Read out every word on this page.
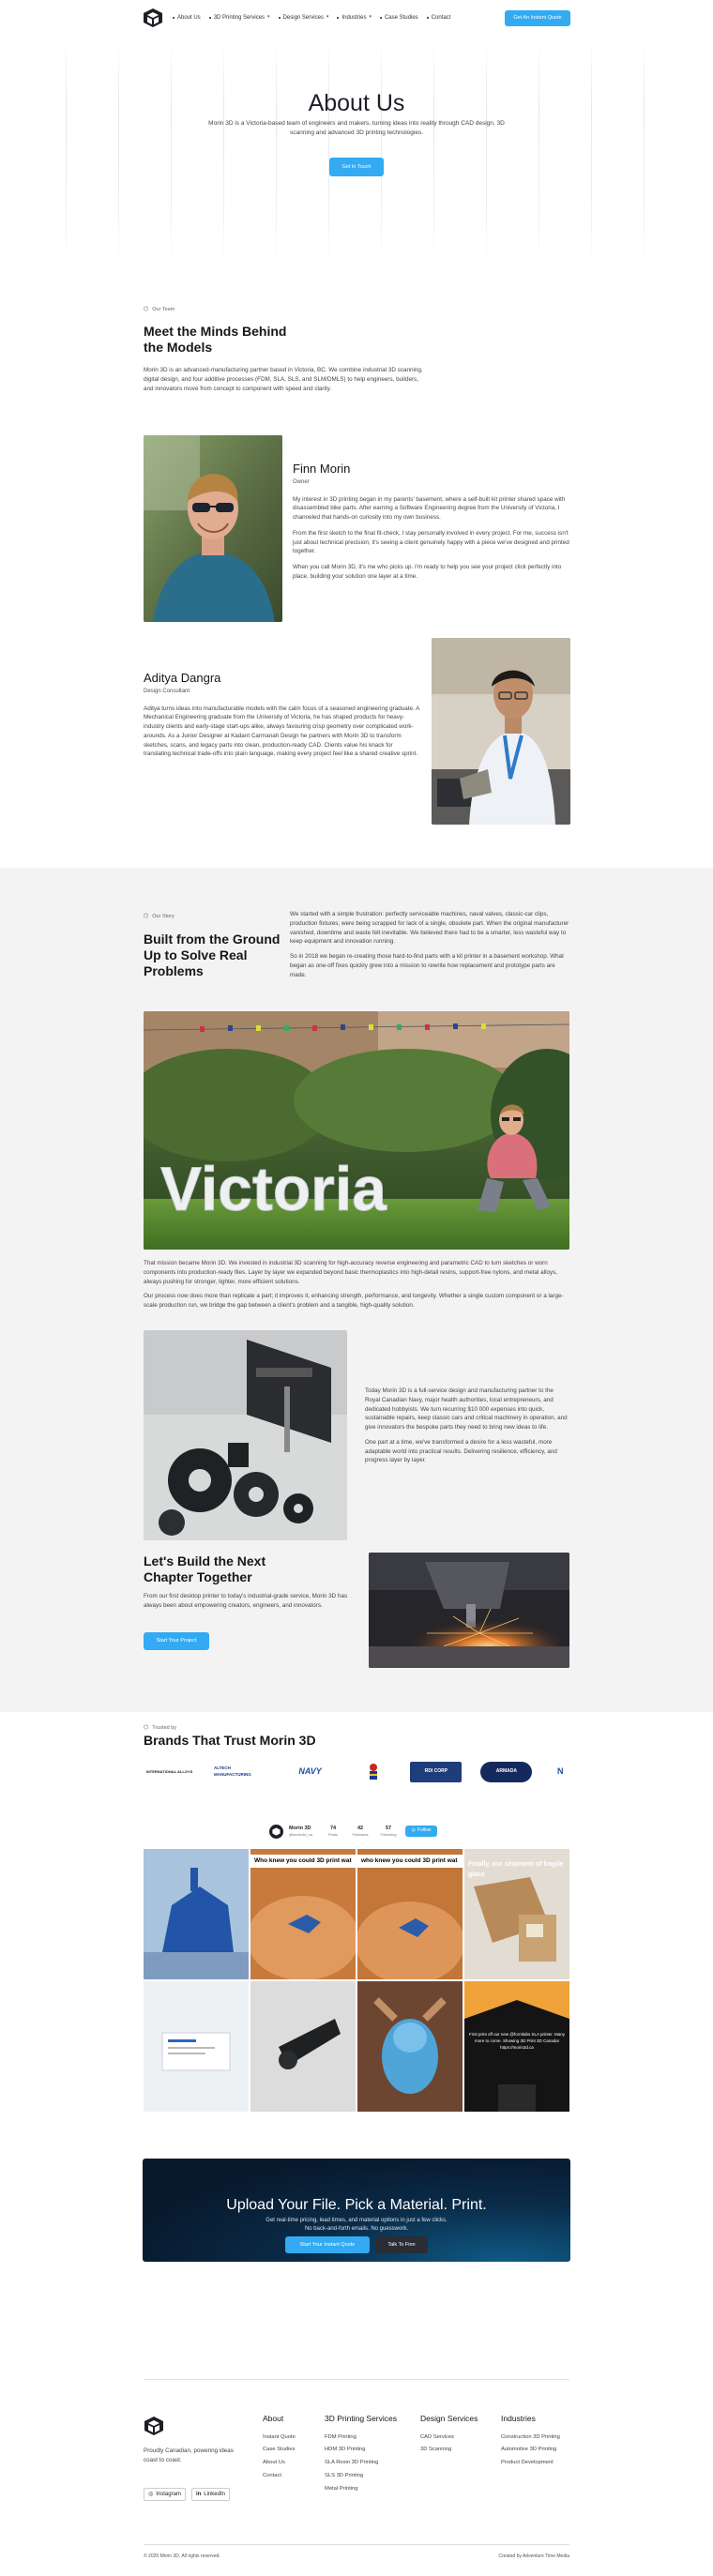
About Us 3D Printing Services ▾ Design Services ▾ Industries ▾ Case Studies Contact	Get An Instant Quote
About Us

Morin 3D is a Victoria-based team of engineers and makers, turning ideas into reality through CAD design, 3D scanning and advanced 3D printing technologies.

Get In Touch
⬡ Our Team
Meet the Minds Behind the Models
Morin 3D is an advanced-manufacturing partner based in Victoria, BC. We combine industrial 3D scanning, digital design, and four additive processes (FDM, SLA, SLS, and SLM/DMLS) to help engineers, builders, and innovators move from concept to component with speed and clarity.
Finn Morin
Owner

My interest in 3D printing began in my parents' basement, where a self-built kit printer shared space with disassembled bike parts. After earning a Software Engineering degree from the University of Victoria, I channeled that hands-on curiosity into my own business.

From the first sketch to the final fit-check, I stay personally involved in every project. For me, success isn't just about technical precision; it's seeing a client genuinely happy with a piece we've designed and printed together.

When you call Morin 3D, it's me who picks up. I'm ready to help you see your project click perfectly into place, building your solution one layer at a time.

Aditya Dangra
Design Consultant

Aditya turns ideas into manufacturable models with the calm focus of a seasoned engineering graduate. A Mechanical Engineering graduate from the University of Victoria, he has shaped products for heavy-industry clients and early-stage start-ups alike, always favouring crisp geometry over complicated work-arounds. As a Junior Designer at Kadant Carmanah Design he partners with Morin 3D to transform sketches, scans, and legacy parts into clean, production-ready CAD. Clients value his knack for translating technical trade-offs into plain language, making every project feel like a shared creative sprint.

⬡ Our Story
Built from the Ground Up to Solve Real Problems

We started with a simple frustration: perfectly serviceable machines, naval valves, classic-car clips, production fixtures, were being scrapped for lack of a single, obsolete part. When the original manufacturer vanished, downtime and waste felt inevitable. We believed there had to be a smarter, less wasteful way to keep equipment and innovation running.

So in 2018 we began re-creating those hard-to-find parts with a kit printer in a basement workshop. What began as one-off fixes quickly grew into a mission to rewrite how replacement and prototype parts are made.

Victoria

That mission became Morin 3D. We invested in industrial 3D scanning for high-accuracy reverse engineering and parametric CAD to turn sketches or worn components into production-ready files. Layer by layer we expanded beyond basic thermoplastics into high-detail resins, support-free nylons, and metal alloys, always pushing for stronger, lighter, more efficient solutions.

Our process now does more than replicate a part; it improves it, enhancing strength, performance, and longevity. Whether a single custom component or a large-scale production run, we bridge the gap between a client's problem and a tangible, high-quality solution.

Today Morin 3D is a full-service design and manufacturing partner to the Royal Canadian Navy, major health authorities, local entrepreneurs, and dedicated hobbyists. We turn recurring $10 000 expenses into quick, sustainable repairs, keep classic cars and critical machinery in operation, and give innovators the bespoke parts they need to bring new ideas to life.

One part at a time, we've transformed a desire for a less wasteful, more adaptable world into practical results. Delivering resilience, efficiency, and progress layer by layer.

Let's Build the Next Chapter Together
From our first desktop printer to today's industrial-grade service, Morin 3D has always been about empowering creators, engineers, and innovators.
Start Your Project
⬡ Trusted by
Brands That Trust Morin 3D
INTERNATIONAL ALLOYS
ALTECH MANUFACTURING	NAVY	RDI CORP	ARMADA	N
Morin 3D
@morin3d_ca
74
Posts
42
Followers
57
Following
◎ Follow
Who knew you could 3D print wat	who knew you could 3D print wat
Finally, our shipment of fragile glass
First print off our new @formlabs SLA printer. Many more to come. Showing 3D Print 3D Canada! https://morin3d.ca
Upload Your File. Pick a Material. Print.

Get real-time pricing, lead times, and material options in just a few clicks.
No back-and-forth emails. No guesswork.

Start Your Instant Quote	Talk To Finn
Proudly Canadian, powering ideas coast to coast.
◎ Instagram	in LinkedIn
About
Instant Quote
Case Studies
About Us
Contact
3D Printing Services
FDM Printing
HDM 3D Printing
SLA Resin 3D Printing
SLS 3D Printing
Metal Printing
Design Services
CAD Services
3D Scanning
Industries
Construction 3D Printing
Automotive 3D Printing
Product Development
© 2025 Morin 3D. All rights reserved.	Created by Adventure Time Media
